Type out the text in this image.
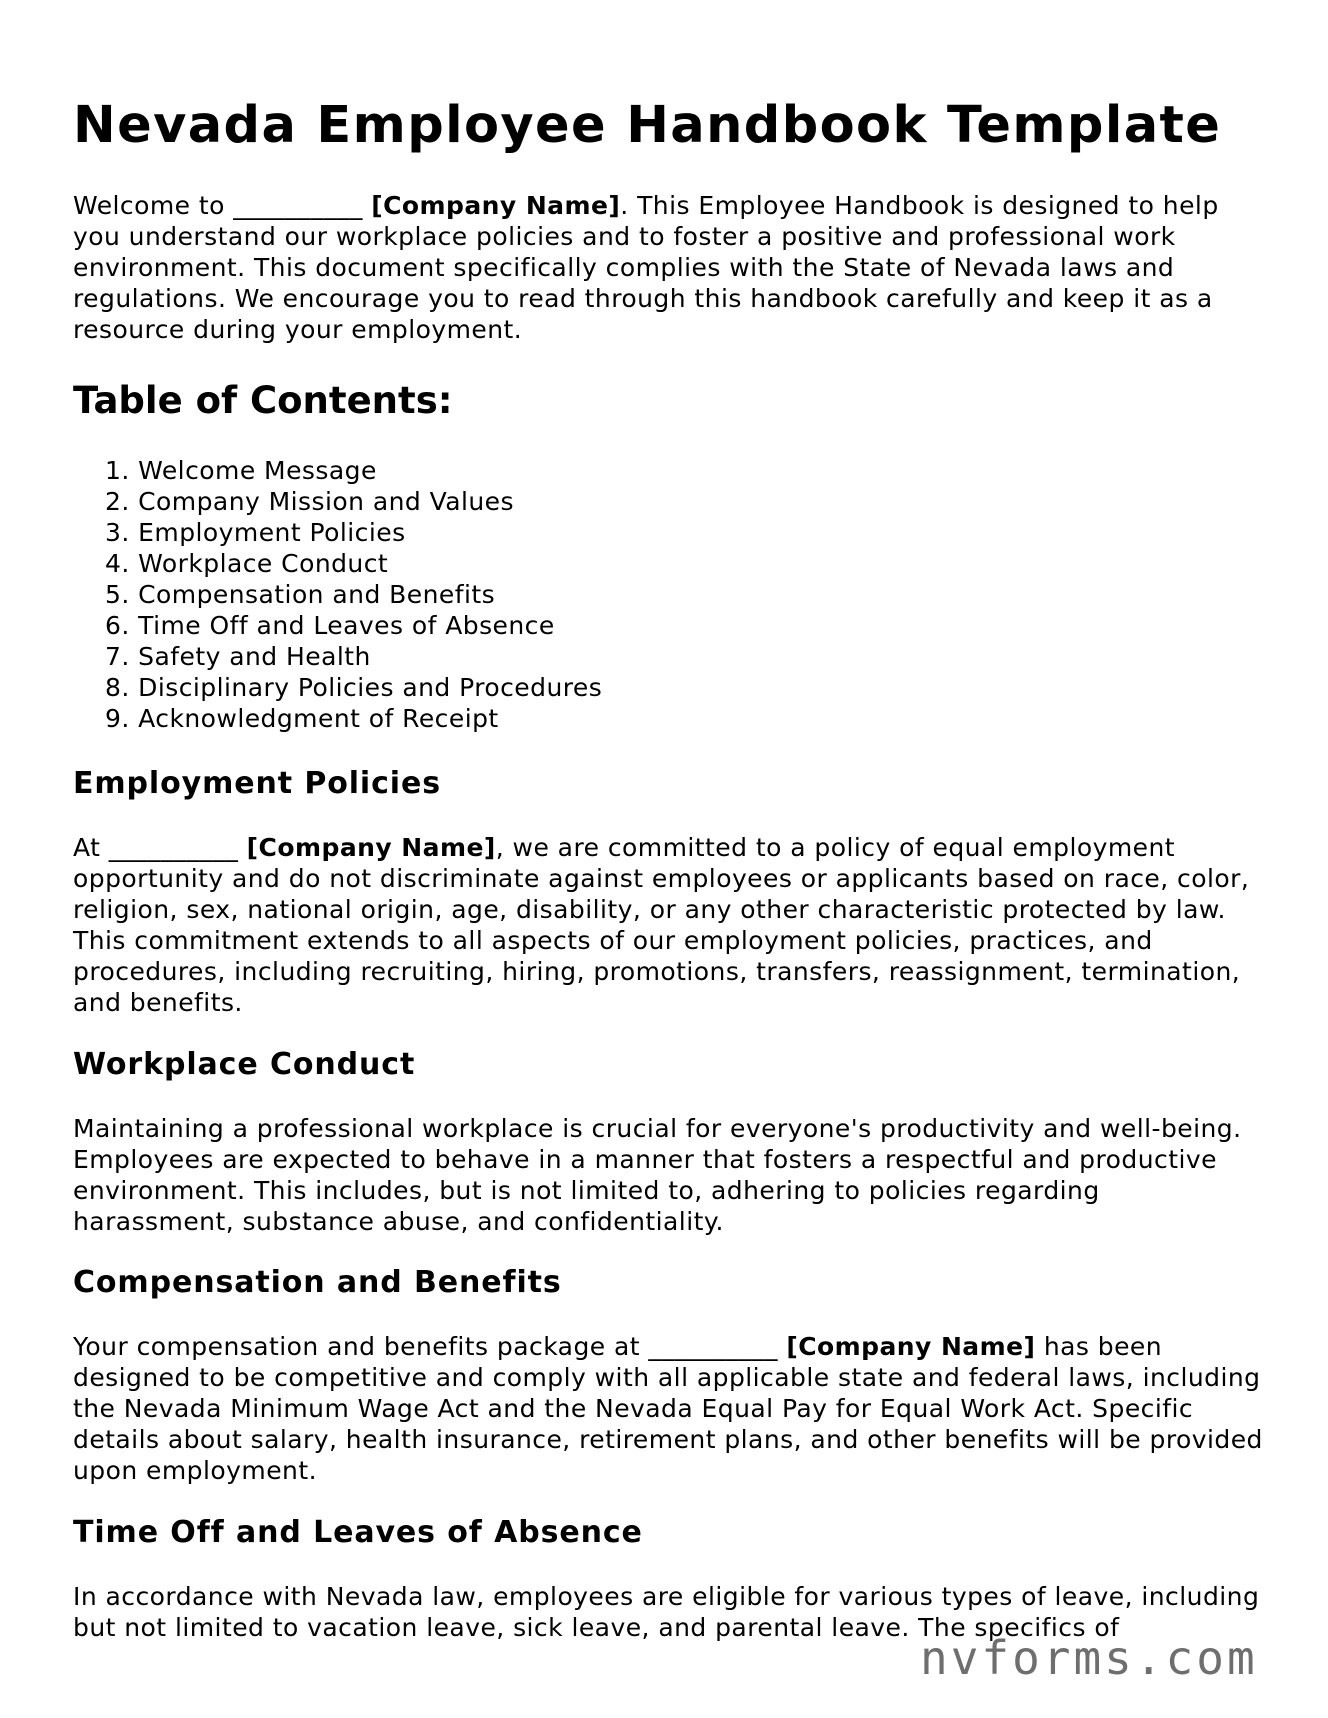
Nevada Employee Handbook Template

Welcome to __________ [Company Name]. This Employee Handbook is designed to help you understand our workplace policies and to foster a positive and professional work environment. This document specifically complies with the State of Nevada laws and regulations. We encourage you to read through this handbook carefully and keep it as a resource during your employment.

Table of Contents:
1. Welcome Message
2. Company Mission and Values
3. Employment Policies
4. Workplace Conduct
5. Compensation and Benefits
6. Time Off and Leaves of Absence
7. Safety and Health
8. Disciplinary Policies and Procedures
9. Acknowledgment of Receipt
Employment Policies

At __________ [Company Name], we are committed to a policy of equal employment opportunity and do not discriminate against employees or applicants based on race, color, religion, sex, national origin, age, disability, or any other characteristic protected by law. This commitment extends to all aspects of our employment policies, practices, and procedures, including recruiting, hiring, promotions, transfers, reassignment, termination, and benefits.

Workplace Conduct

Maintaining a professional workplace is crucial for everyone's productivity and well-being. Employees are expected to behave in a manner that fosters a respectful and productive environment. This includes, but is not limited to, adhering to policies regarding harassment, substance abuse, and confidentiality.

Compensation and Benefits

Your compensation and benefits package at __________ [Company Name] has been designed to be competitive and comply with all applicable state and federal laws, including the Nevada Minimum Wage Act and the Nevada Equal Pay for Equal Work Act. Specific details about salary, health insurance, retirement plans, and other benefits will be provided upon employment.

Time Off and Leaves of Absence

In accordance with Nevada law, employees are eligible for various types of leave, including but not limited to vacation leave, sick leave, and parental leave. The specifics of

nvforms.com
